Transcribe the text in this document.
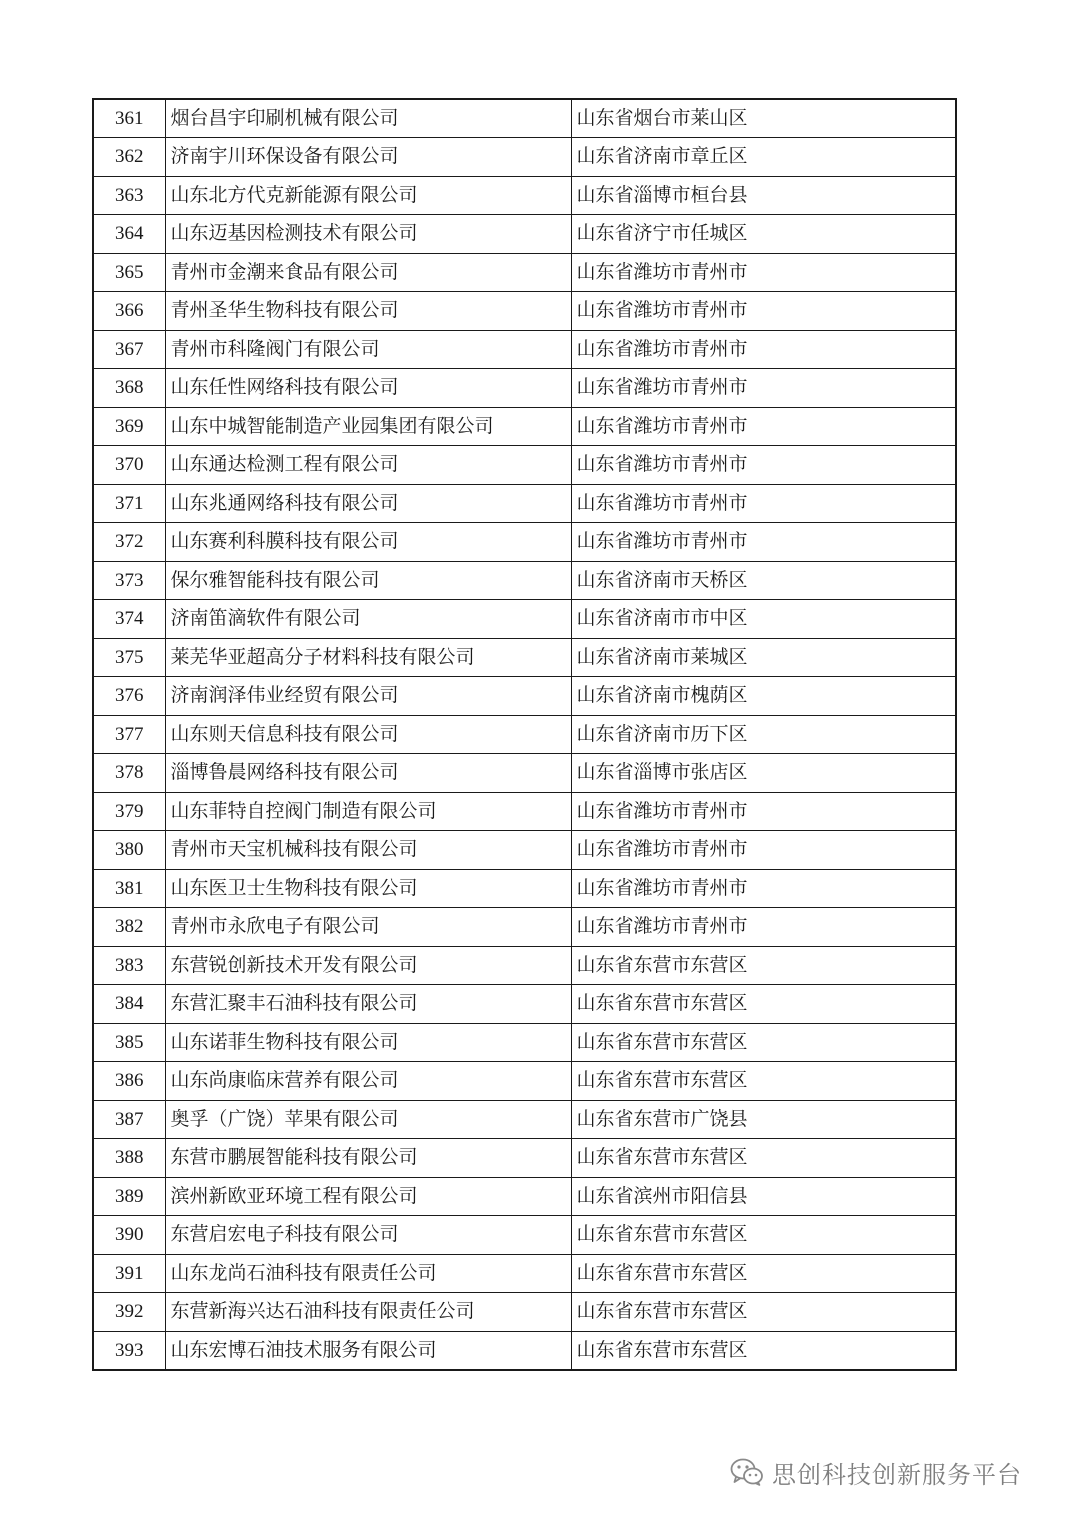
361	烟台昌宇印刷机械有限公司	山东省烟台市莱山区
362	济南宇川环保设备有限公司	山东省济南市章丘区
363	山东北方代克新能源有限公司	山东省淄博市桓台县
364	山东迈基因检测技术有限公司	山东省济宁市任城区
365	青州市金潮来食品有限公司	山东省潍坊市青州市
366	青州圣华生物科技有限公司	山东省潍坊市青州市
367	青州市科隆阀门有限公司	山东省潍坊市青州市
368	山东任性网络科技有限公司	山东省潍坊市青州市
369	山东中城智能制造产业园集团有限公司	山东省潍坊市青州市
370	山东通达检测工程有限公司	山东省潍坊市青州市
371	山东兆通网络科技有限公司	山东省潍坊市青州市
372	山东赛利科膜科技有限公司	山东省潍坊市青州市
373	保尔雅智能科技有限公司	山东省济南市天桥区
374	济南笛滴软件有限公司	山东省济南市市中区
375	莱芜华亚超高分子材料科技有限公司	山东省济南市莱城区
376	济南润泽伟业经贸有限公司	山东省济南市槐荫区
377	山东则天信息科技有限公司	山东省济南市历下区
378	淄博鲁晨网络科技有限公司	山东省淄博市张店区
379	山东菲特自控阀门制造有限公司	山东省潍坊市青州市
380	青州市天宝机械科技有限公司	山东省潍坊市青州市
381	山东医卫士生物科技有限公司	山东省潍坊市青州市
382	青州市永欣电子有限公司	山东省潍坊市青州市
383	东营锐创新技术开发有限公司	山东省东营市东营区
384	东营汇聚丰石油科技有限公司	山东省东营市东营区
385	山东诺菲生物科技有限公司	山东省东营市东营区
386	山东尚康临床营养有限公司	山东省东营市东营区
387	奥孚（广饶）苹果有限公司	山东省东营市广饶县
388	东营市鹏展智能科技有限公司	山东省东营市东营区
389	滨州新欧亚环境工程有限公司	山东省滨州市阳信县
390	东营启宏电子科技有限公司	山东省东营市东营区
391	山东龙尚石油科技有限责任公司	山东省东营市东营区
392	东营新海兴达石油科技有限责任公司	山东省东营市东营区
393	山东宏博石油技术服务有限公司	山东省东营市东营区
思创科技创新服务平台
